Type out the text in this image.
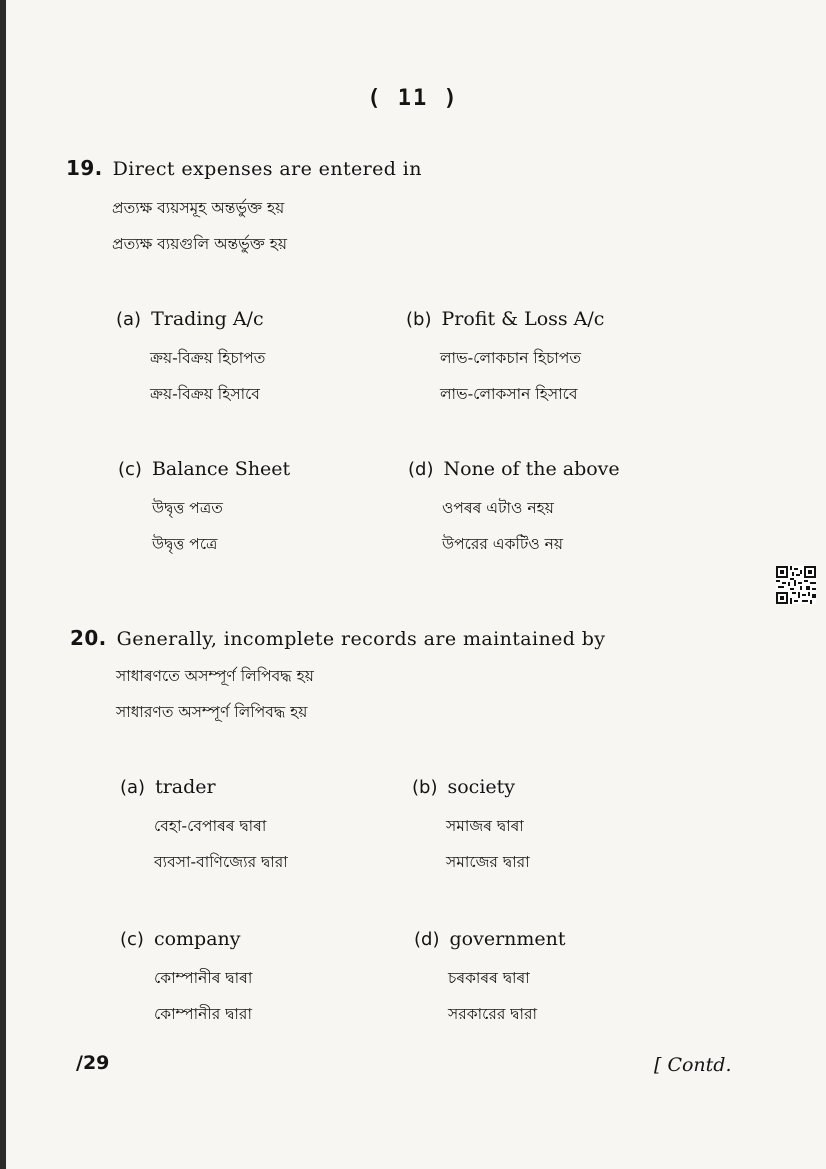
( 11 )
19. Direct expenses are entered in
প্ৰত্যক্ষ ব্যয়সমূহ অন্তৰ্ভুক্ত হয়
প্রত্যক্ষ ব্যয়গুলি অন্তর্ভুক্ত হয়
(a) Trading A/c
ক্ৰয়-বিক্ৰয় হিচাপত
ক্রয়-বিক্রয় হিসাবে
(b) Profit & Loss A/c
লাভ-লোকচান হিচাপত
লাভ-লোকসান হিসাবে
(c) Balance Sheet
উদ্বৃত্ত পত্ৰত
উদ্বৃত্ত পত্রে
(d) None of the above
ওপৰৰ এটাও নহয়
উপরের একটিও নয়
20. Generally, incomplete records are maintained by
সাধাৰণতে অসম্পূৰ্ণ লিপিবদ্ধ হয়
সাধারণত অসম্পূর্ণ লিপিবদ্ধ হয়
(a) trader
বেহা-বেপাৰৰ দ্বাৰা
ব্যবসা-বাণিজ্যের দ্বারা
(b) society
সমাজৰ দ্বাৰা
সমাজের দ্বারা
(c) company
কোম্পানীৰ দ্বাৰা
কোম্পানীর দ্বারা
(d) government
চৰকাৰৰ দ্বাৰা
সরকারের দ্বারা
/29	[ Contd.
